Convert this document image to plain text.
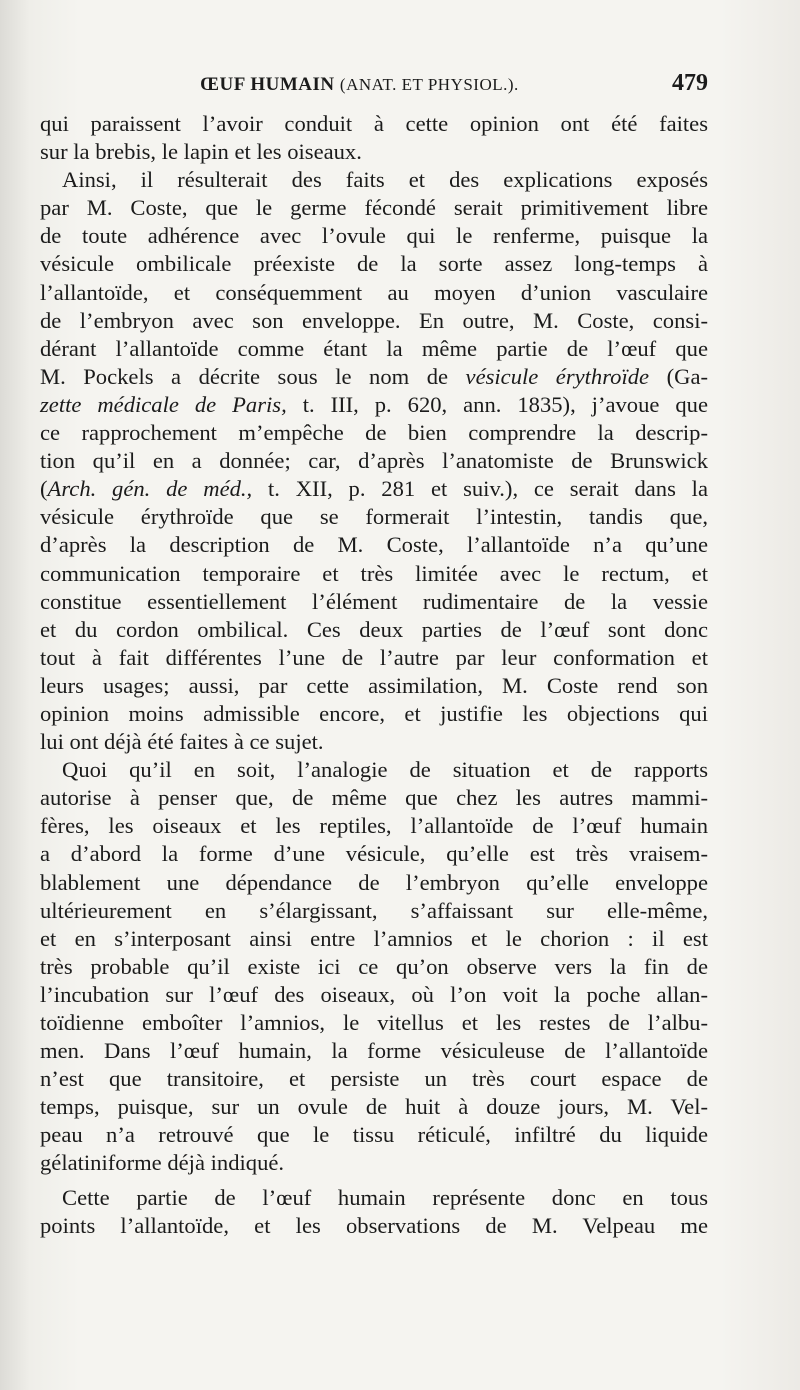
ŒUF HUMAIN (ANAT. ET PHYSIOL.).	479
qui paraissent l’avoir conduit à cette opinion ont été faites
sur la brebis, le lapin et les oiseaux.
Ainsi, il résulterait des faits et des explications exposés
par M. Coste, que le germe fécondé serait primitivement libre
de toute adhérence avec l’ovule qui le renferme, puisque la
vésicule ombilicale préexiste de la sorte assez long-temps à
l’allantoïde, et conséquemment au moyen d’union vasculaire
de l’embryon avec son enveloppe. En outre, M. Coste, consi-
dérant l’allantoïde comme étant la même partie de l’œuf que
M. Pockels a décrite sous le nom de vésicule érythroïde (Ga-
zette médicale de Paris, t. III, p. 620, ann. 1835), j’avoue que
ce rapprochement m’empêche de bien comprendre la descrip-
tion qu’il en a donnée; car, d’après l’anatomiste de Brunswick
(Arch. gén. de méd., t. XII, p. 281 et suiv.), ce serait dans la
vésicule érythroïde que se formerait l’intestin, tandis que,
d’après la description de M. Coste, l’allantoïde n’a qu’une
communication temporaire et très limitée avec le rectum, et
constitue essentiellement l’élément rudimentaire de la vessie
et du cordon ombilical. Ces deux parties de l’œuf sont donc
tout à fait différentes l’une de l’autre par leur conformation et
leurs usages; aussi, par cette assimilation, M. Coste rend son
opinion moins admissible encore, et justifie les objections qui
lui ont déjà été faites à ce sujet.
Quoi qu’il en soit, l’analogie de situation et de rapports
autorise à penser que, de même que chez les autres mammi-
fères, les oiseaux et les reptiles, l’allantoïde de l’œuf humain
a d’abord la forme d’une vésicule, qu’elle est très vraisem-
blablement une dépendance de l’embryon qu’elle enveloppe
ultérieurement en s’élargissant, s’affaissant sur elle-même,
et en s’interposant ainsi entre l’amnios et le chorion : il est
très probable qu’il existe ici ce qu’on observe vers la fin de
l’incubation sur l’œuf des oiseaux, où l’on voit la poche allan-
toïdienne emboîter l’amnios, le vitellus et les restes de l’albu-
men. Dans l’œuf humain, la forme vésiculeuse de l’allantoïde
n’est que transitoire, et persiste un très court espace de
temps, puisque, sur un ovule de huit à douze jours, M. Vel-
peau n’a retrouvé que le tissu réticulé, infiltré du liquide
gélatiniforme déjà indiqué.
Cette partie de l’œuf humain représente donc en tous
points l’allantoïde, et les observations de M. Velpeau me
